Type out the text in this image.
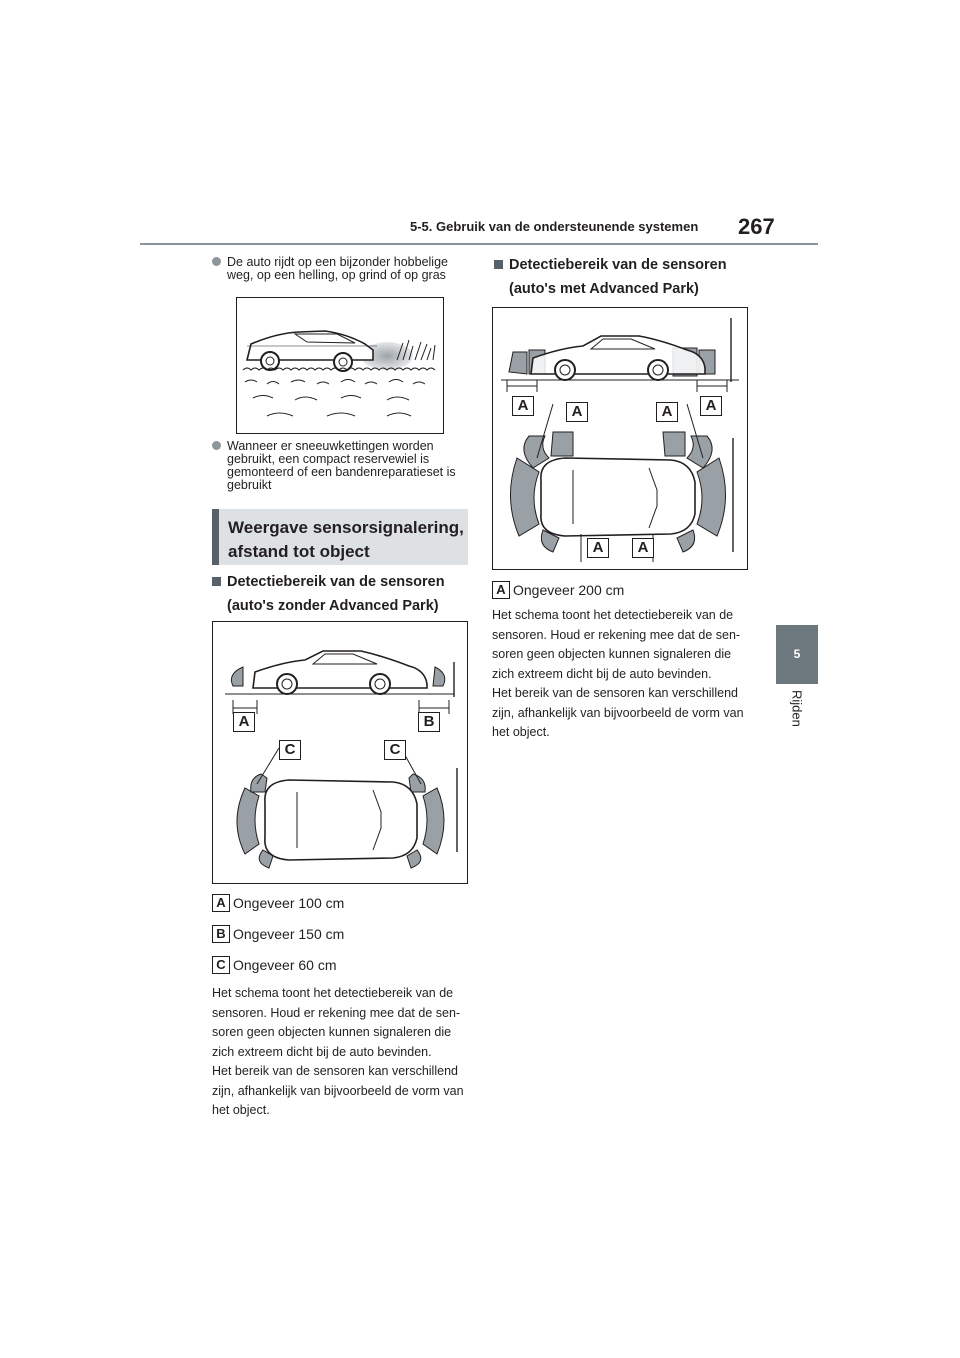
5-5. Gebruik van de ondersteunende systemen 267
5
Rijden
De auto rijdt op een bijzonder hobbelige weg, op een helling, op grind of op gras
Wanneer er sneeuwkettingen worden gebruikt, een compact reservewiel is gemonteerd of een bandenreparatieset is gebruikt
Weergave sensorsignalering, afstand tot object
Detectiebereik van de sensoren
(auto's zonder Advanced Park)
A	B
C	C
A Ongeveer 100 cm
B Ongeveer 150 cm
C Ongeveer 60 cm
Het schema toont het detectiebereik van de sensoren. Houd er rekening mee dat de sen-soren geen objecten kunnen signaleren die zich extreem dicht bij de auto bevinden.
Het bereik van de sensoren kan verschillend zijn, afhankelijk van bijvoorbeeld de vorm van het object.
Detectiebereik van de sensoren
(auto's met Advanced Park)
A	A	A	A
A	A
A Ongeveer 200 cm
Het schema toont het detectiebereik van de sensoren. Houd er rekening mee dat de sen-soren geen objecten kunnen signaleren die zich extreem dicht bij de auto bevinden.
Het bereik van de sensoren kan verschillend zijn, afhankelijk van bijvoorbeeld de vorm van het object.
